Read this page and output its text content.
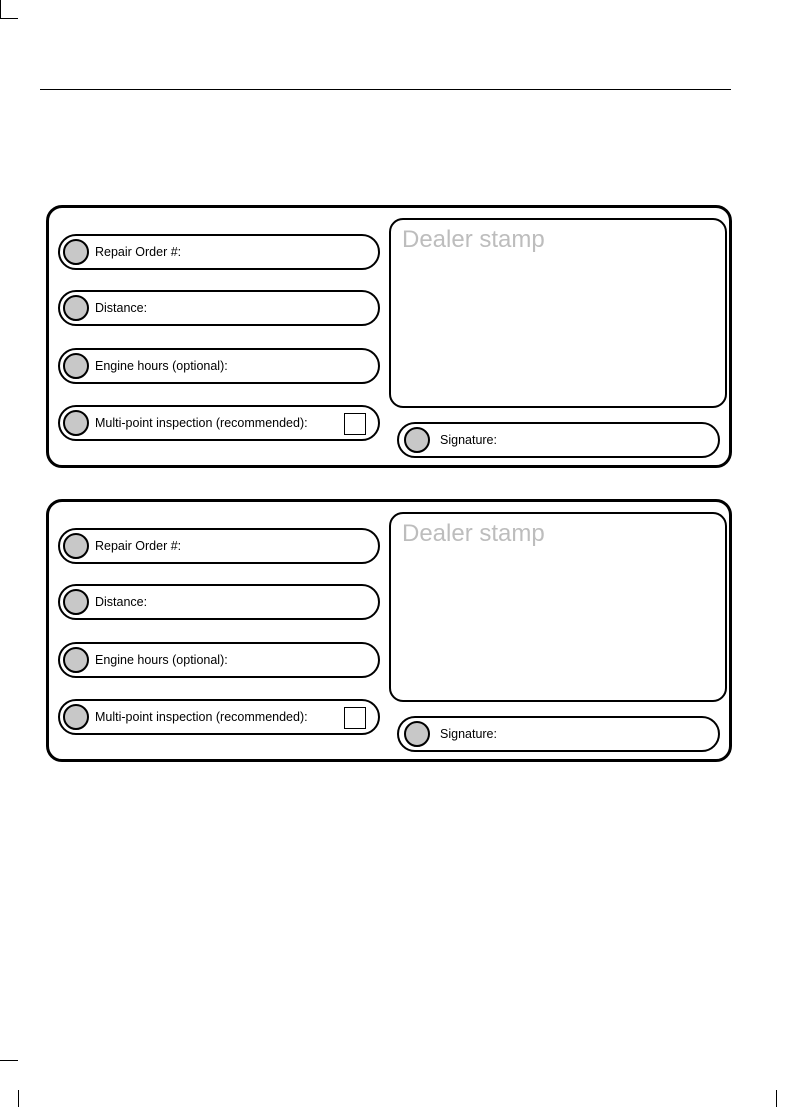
Repair Order #:
Distance:
Engine hours (optional):
Multi-point inspection (recommended):
Dealer stamp
Signature:
Repair Order #:
Distance:
Engine hours (optional):
Multi-point inspection (recommended):
Dealer stamp
Signature:
